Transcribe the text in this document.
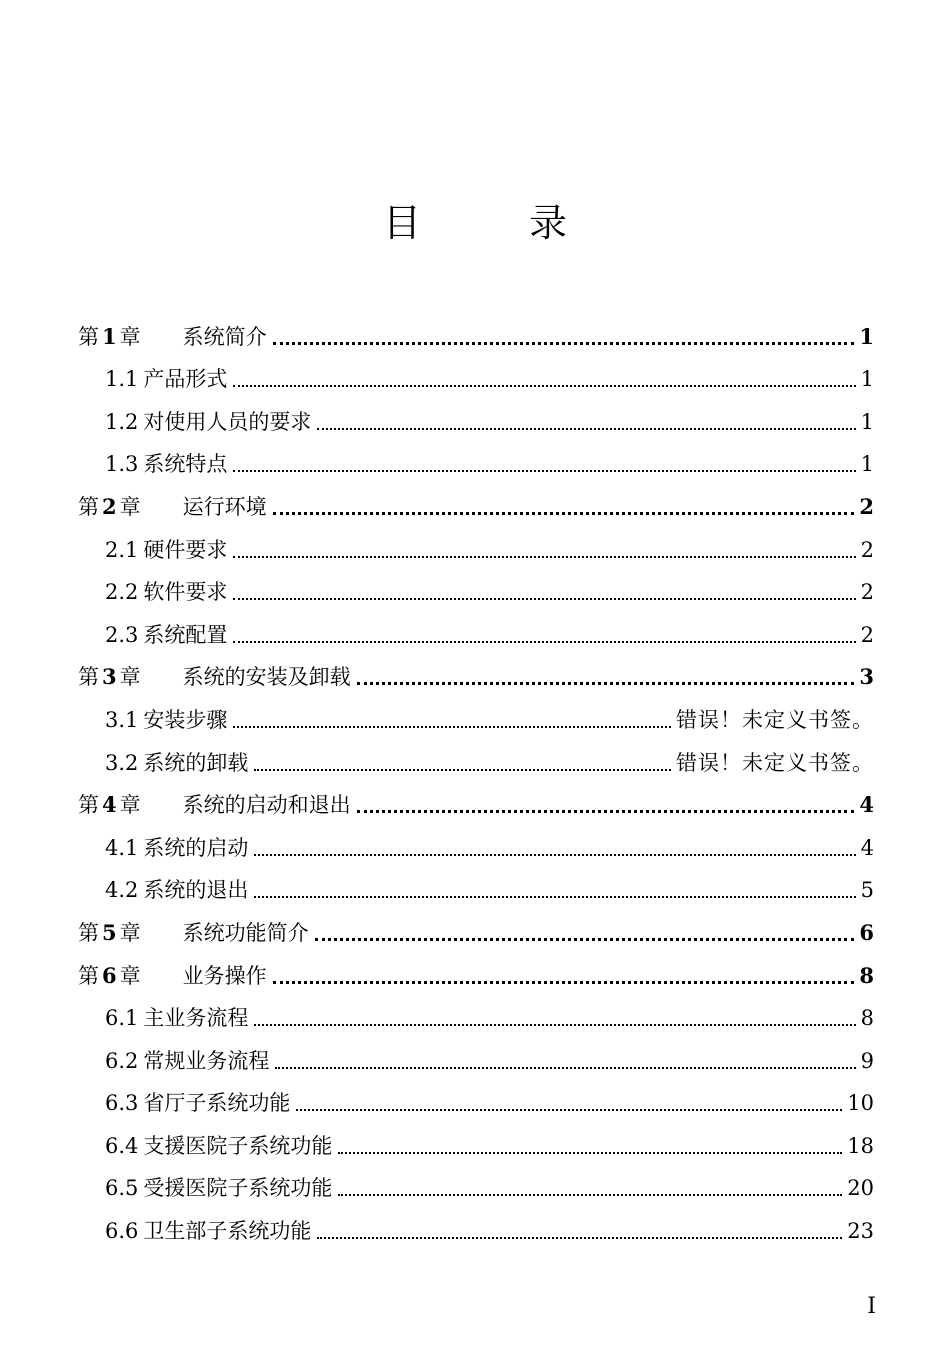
目 录
第 1 章 系统简介	1
1.1 产品形式	1
1.2 对使用人员的要求	1
1.3 系统特点	1
第 2 章 运行环境	2
2.1 硬件要求	2
2.2 软件要求	2
2.3 系统配置	2
第 3 章 系统的安装及卸载	3
3.1 安装步骤	错误！未定义书签。
3.2 系统的卸载	错误！未定义书签。
第 4 章 系统的启动和退出	4
4.1 系统的启动	4
4.2 系统的退出	5
第 5 章 系统功能简介	6
第 6 章 业务操作	8
6.1 主业务流程	8
6.2 常规业务流程	9
6.3 省厅子系统功能	10
6.4 支援医院子系统功能	18
6.5 受援医院子系统功能	20
6.6 卫生部子系统功能	23
I
